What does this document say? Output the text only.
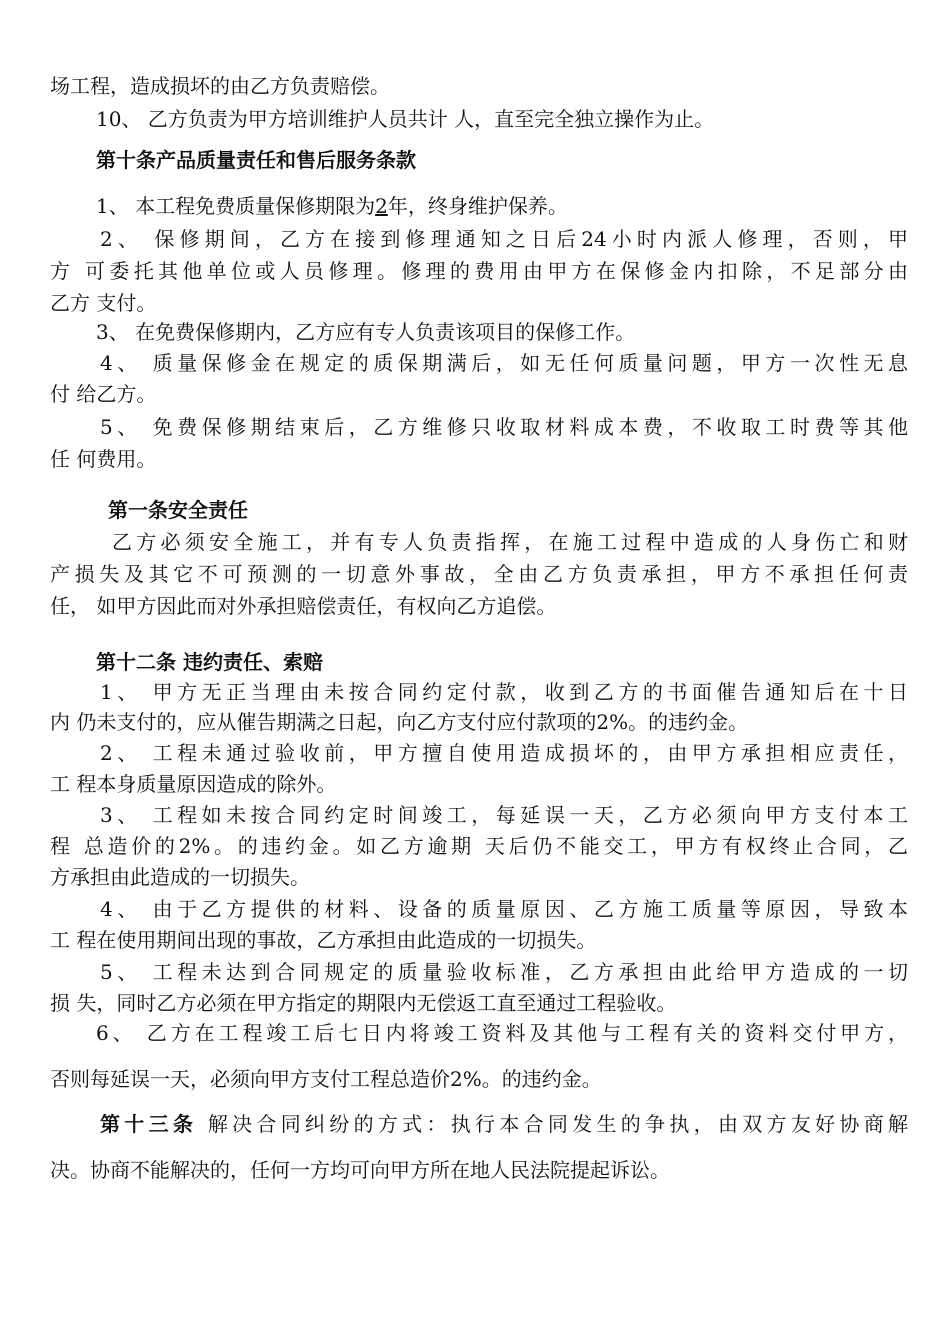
场工程，造成损坏的由乙方负责赔偿。
10、 乙方负责为甲方培训维护人员共计 人，直至完全独立操作为止。
第十条产品质量责任和售后服务条款
1、 本工程免费质量保修期限为2年，终身维护保养。
2、 保修期间，乙方在接到修理通知之日后24小时内派人修理，否则，甲
方 可委托其他单位或人员修理。修理的费用由甲方在保修金内扣除，不足部分由
乙方 支付。
3、 在免费保修期内，乙方应有专人负责该项目的保修工作。
4、 质量保修金在规定的质保期满后，如无任何质量问题，甲方一次性无息
付 给乙方。
5、 免费保修期结束后，乙方维修只收取材料成本费，不收取工时费等其他
任 何费用。
第一条安全责任
乙方必须安全施工，并有专人负责指挥，在施工过程中造成的人身伤亡和财
产损失及其它不可预测的一切意外事故，全由乙方负责承担，甲方不承担任何责
任， 如甲方因此而对外承担赔偿责任，有权向乙方追偿。
第十二条 违约责任、索赔
1、 甲方无正当理由未按合同约定付款，收到乙方的书面催告通知后在十日
内 仍未支付的，应从催告期满之日起，向乙方支付应付款项的2%。的违约金。
2、 工程未通过验收前，甲方擅自使用造成损坏的，由甲方承担相应责任，
工 程本身质量原因造成的除外。
3、 工程如未按合同约定时间竣工，每延误一天，乙方必须向甲方支付本工
程 总造价的2%。的违约金。如乙方逾期 天后仍不能交工，甲方有权终止合同，乙
方承担由此造成的一切损失。
4、 由于乙方提供的材料、设备的质量原因、乙方施工质量等原因，导致本
工 程在使用期间出现的事故，乙方承担由此造成的一切损失。
5、 工程未达到合同规定的质量验收标准，乙方承担由此给甲方造成的一切
损 失，同时乙方必须在甲方指定的期限内无偿返工直至通过工程验收。
6、 乙方在工程竣工后七日内将竣工资料及其他与工程有关的资料交付甲方，
否则每延误一天，必须向甲方支付工程总造价2%。的违约金。
第十三条 解决合同纠纷的方式：执行本合同发生的争执，由双方友好协商解
决。协商不能解决的，任何一方均可向甲方所在地人民法院提起诉讼。
